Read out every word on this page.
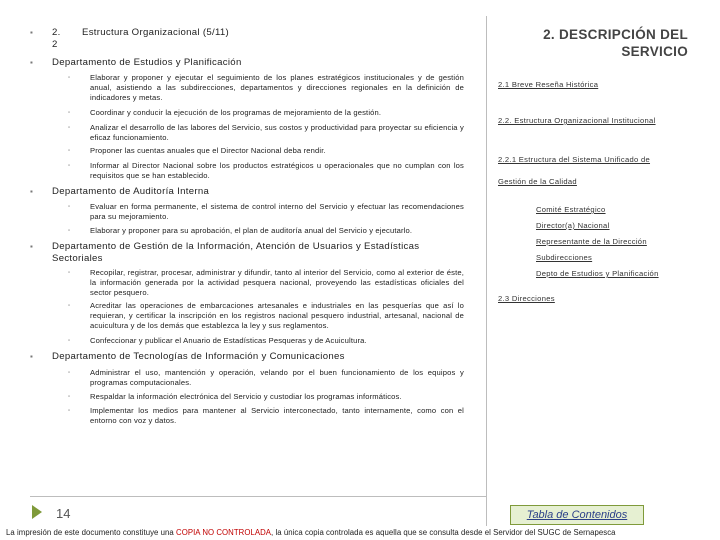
▪ 2. 2
Estructura Organizacional (5/11)
▪ Departamento de Estudios y Planificación
▫	Elaborar y proponer y ejecutar el seguimiento de los planes estratégicos institucionales y de gestión anual, asistiendo a las subdirecciones, departamentos y direcciones regionales en la definición de indicadores y metas.
▫	Coordinar y conducir la ejecución de los programas de mejoramiento de la gestión.
▫	Analizar el desarrollo de las labores del Servicio, sus costos y productividad para proyectar su eficiencia y eficaz funcionamiento.
▫	Proponer las cuentas anuales que el Director Nacional deba rendir.
▫	Informar al Director Nacional sobre los productos estratégicos u operacionales que no cumplan con los requisitos que se han establecido.
▪ Departamento de Auditoría Interna
▫	Evaluar en forma permanente, el sistema de control interno del Servicio y efectuar las recomendaciones para su mejoramiento.
▫	Elaborar y proponer para su aprobación, el plan de auditoría anual del Servicio y ejecutarlo.
▪ Departamento de Gestión de la Información, Atención de Usuarios y Estadísticas Sectoriales
▫	Recopilar, registrar, procesar, administrar y difundir, tanto al interior del Servicio, como al exterior de éste, la información generada por la actividad pesquera nacional, proveyendo las estadísticas oficiales del sector pesquero.
▫	Acreditar las operaciones de embarcaciones artesanales e industriales en las pesquerías que así lo requieran, y certificar la inscripción en los registros nacional pesquero industrial, artesanal, nacional de acuicultura y de los demás que establezca la ley y sus reglamentos.
▫	Confeccionar y publicar el Anuario de Estadísticas Pesqueras y de Acuicultura.
▪ Departamento de Tecnologías de Información y Comunicaciones
▫	Administrar el uso, mantención y operación, velando por el buen funcionamiento de los equipos y programas computacionales.
▫	Respaldar la información electrónica del Servicio y custodiar los programas informáticos.
▫	Implementar los medios para mantener al Servicio interconectado, tanto internamente, como con el entorno con voz y datos.
2. DESCRIPCIÓN DEL SERVICIO
2.1 Breve Reseña Histórica
2.2. Estructura Organizacional Institucional
2.2.1 Estructura del Sistema Unificado de
Gestión de la Calidad
Comité Estratégico
Director(a) Nacional
Representante de la Dirección
Subdirecciones
Depto de Estudios y Planificación
2.3 Direcciones
14	Tabla de Contenidos
La impresión de este documento constituye una COPIA NO CONTROLADA, la única copia controlada es aquella que se consulta desde el Servidor del SUGC de Sernapesca
